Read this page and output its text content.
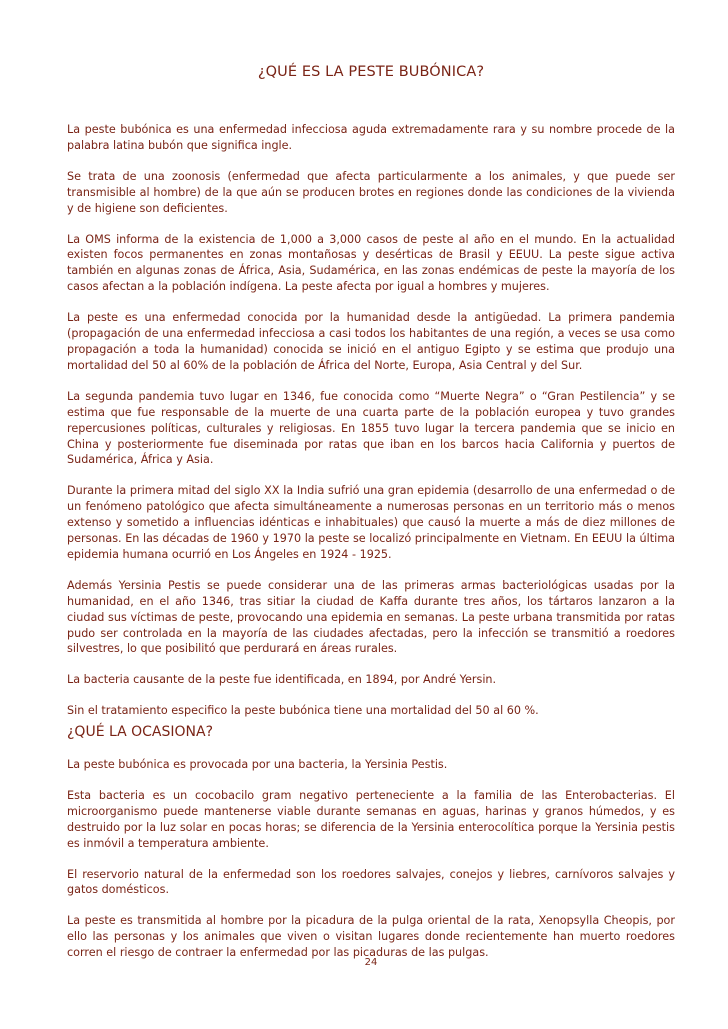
¿QUÉ ES LA PESTE BUBÓNICA?

La peste bubónica es una enfermedad infecciosa aguda extremadamente rara y su nombre procede de la palabra latina bubón que significa ingle.

Se trata de una zoonosis (enfermedad que afecta particularmente a los animales, y que puede ser transmisible al hombre) de la que aún se producen brotes en regiones donde las condiciones de la vivienda y de higiene son deficientes.

La OMS informa de la existencia de 1,000 a 3,000 casos de peste al año en el mundo. En la actualidad existen focos permanentes en zonas montañosas y desérticas de Brasil y EEUU. La peste sigue activa también en algunas zonas de África, Asia, Sudamérica, en las zonas endémicas de peste la mayoría de los casos afectan a la población indígena. La peste afecta por igual a hombres y mujeres.

La peste es una enfermedad conocida por la humanidad desde la antigüedad. La primera pandemia (propagación de una enfermedad infecciosa a casi todos los habitantes de una región, a veces se usa como propagación a toda la humanidad) conocida se inició en el antiguo Egipto y se estima que produjo una mortalidad del 50 al 60% de la población de África del Norte, Europa, Asia Central y del Sur.

La segunda pandemia tuvo lugar en 1346, fue conocida como “Muerte Negra” o “Gran Pestilencia” y se estima que fue responsable de la muerte de una cuarta parte de la población europea y tuvo grandes repercusiones políticas, culturales y religiosas. En 1855 tuvo lugar la tercera pandemia que se inicio en China y posteriormente fue diseminada por ratas que iban en los barcos hacia California y puertos de Sudamérica, África y Asia.

Durante la primera mitad del siglo XX la India sufrió una gran epidemia (desarrollo de una enfermedad o de un fenómeno patológico que afecta simultáneamente a numerosas personas en un territorio más o menos extenso y sometido a influencias idénticas e inhabituales) que causó la muerte a más de diez millones de personas. En las décadas de 1960 y 1970 la peste se localizó principalmente en Vietnam. En EEUU la última epidemia humana ocurrió en Los Ángeles en 1924 - 1925.

Además Yersinia Pestis se puede considerar una de las primeras armas bacteriológicas usadas por la humanidad, en el año 1346, tras sitiar la ciudad de Kaffa durante tres años, los tártaros lanzaron a la ciudad sus víctimas de peste, provocando una epidemia en semanas. La peste urbana transmitida por ratas pudo ser controlada en la mayoría de las ciudades afectadas, pero la infección se transmitió a roedores silvestres, lo que posibilitó que perdurará en áreas rurales.

La bacteria causante de la peste fue identificada, en 1894, por André Yersin.

Sin el tratamiento especifico la peste bubónica tiene una mortalidad del 50 al 60 %.

¿QUÉ LA OCASIONA?

La peste bubónica es provocada por una bacteria, la Yersinia Pestis.

Esta bacteria es un cocobacilo gram negativo perteneciente a la familia de las Enterobacterias. El microorganismo puede mantenerse viable durante semanas en aguas, harinas y granos húmedos, y es destruido por la luz solar en pocas horas; se diferencia de la Yersinia enterocolítica porque la Yersinia pestis es inmóvil a temperatura ambiente.

El reservorio natural de la enfermedad son los roedores salvajes, conejos y liebres, carnívoros salvajes y gatos domésticos.

La peste es transmitida al hombre por la picadura de la pulga oriental de la rata, Xenopsylla Cheopis, por ello las personas y los animales que viven o visitan lugares donde recientemente han muerto roedores corren el riesgo de contraer la enfermedad por las picaduras de las pulgas.

24
